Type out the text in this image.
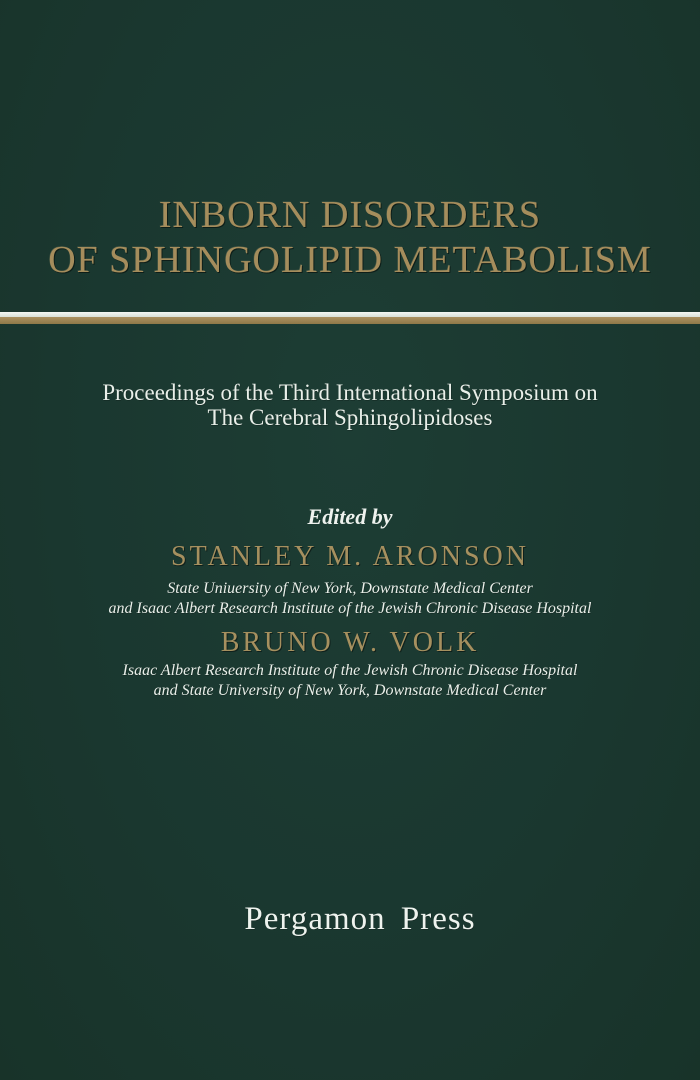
INBORN DISORDERS
OF SPHINGOLIPID METABOLISM
Proceedings of the Third International Symposium on
The Cerebral Sphingolipidoses
Edited by
STANLEY M. ARONSON
State Uniuersity of New York, Downstate Medical Center
and Isaac Albert Research Institute of the Jewish Chronic Disease Hospital
BRUNO W. VOLK
Isaac Albert Research Institute of the Jewish Chronic Disease Hospital
and State University of New York, Downstate Medical Center
Pergamon Press
